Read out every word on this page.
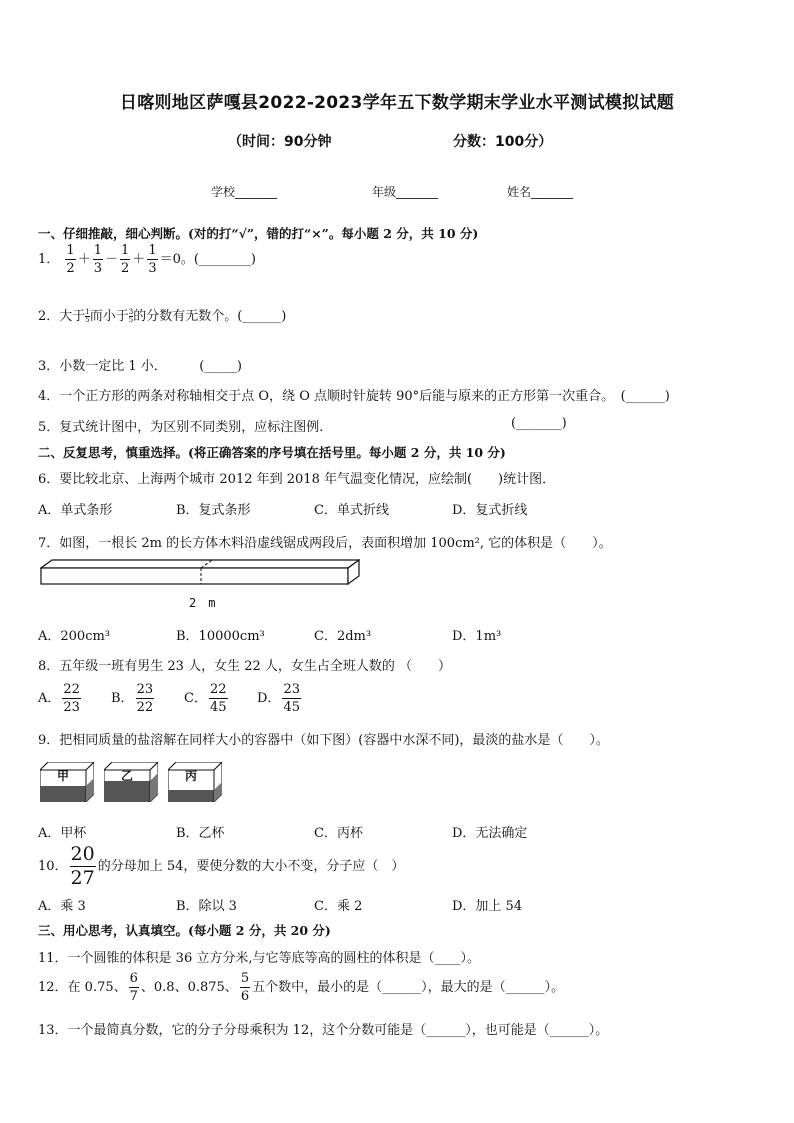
日喀则地区萨嘎县2022-2023学年五下数学期末学业水平测试模拟试题
（时间：90分钟	分数：100分）
学校_______	年级_______	姓名_______
一、仔细推敲，细心判断。(对的打“√”，错的打“×”。每小题 2 分，共 10 分)
1． $\frac{1}{2} + \frac{1}{3} - \frac{1}{2} + \frac{1}{3} =0$。(________)
2．大于 $\frac{1}{5}$而小于 $\frac{3}{5}$的分数有无数个。(______)
3．小数一定比 1 小．　　　(_____)
4．一个正方形的两条对称轴相交于点 O，绕 O 点顺时针旋转 90°后能与原来的正方形第一次重合。　(______)
5．复式统计图中，为区别不同类别，应标注图例.	(_______)
二、反复思考，慎重选择。(将正确答案的序号填在括号里。每小题 2 分，共 10 分)
6．要比较北京、上海两个城市 2012 年到 2018 年气温变化情况，应绘制(　　)统计图．
A．单式条形	B．复式条形	C．单式折线	D．复式折线
7．如图，一根长 2m 的长方体木料沿虚线锯成两段后，表面积增加 100cm², 它的体积是（　　）。
2　m
A．200cm³	B．10000cm³	C．2dm³	D．1m³
8．五年级一班有男生 23 人，女生 22 人，女生占全班人数的 （　　）
A． $\frac{22}{23}$ B． $\frac{23}{22}$ C． $\frac{22}{45}$ D． $\frac{23}{45}$
9．把相同质量的盐溶解在同样大小的容器中（如下图）(容器中水深不同)，最淡的盐水是（　　）。
甲	乙	丙
A．甲杯	B．乙杯	C．丙杯	D．无法确定
10． $\frac{20}{27}$ 的分母加上 54，要使分数的大小不变，分子应（　）
A．乘 3	B．除以 3	C．乘 2	D．加上 54
三、用心思考，认真填空。(每小题 2 分，共 20 分)
11．一个圆锥的体积是 36 立方分米,与它等底等高的圆柱的体积是（____）。
12．在 0.75、 $\frac{6}{7}$ 、0.8、0.875、 $\frac{5}{6}$ 五个数中，最小的是（______），最大的是（______）。
13．一个最简真分数，它的分子分母乘积为 12，这个分数可能是（______），也可能是（______）。
